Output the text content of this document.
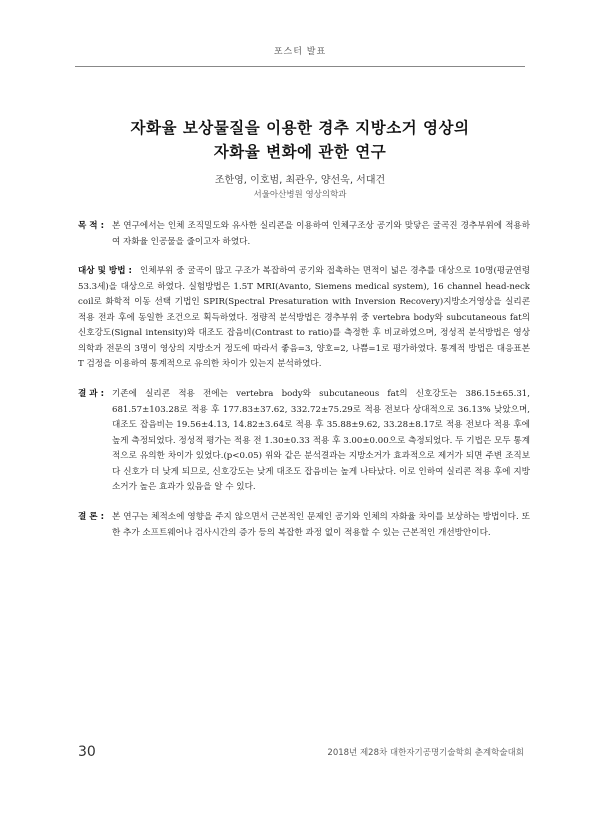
포스터 발표
자화율 보상물질을 이용한 경추 지방소거 영상의
자화율 변화에 관한 연구
조한영, 이호범, 최관우, 양선욱, 서대건
서울아산병원 영상의학과
목 적 : 본 연구에서는 인체 조직밀도와 유사한 실리콘을 이용하여 인체구조상 공기와 맞닿은 굴곡진 경추부위에 적용하여 자화율 인공물을 줄이고자 하였다.
대상 및 방법 : 인체부위 중 굴곡이 많고 구조가 복잡하여 공기와 접촉하는 면적이 넓은 경추를 대상으로 10명(평균연령 53.3세)을 대상으로 하였다. 실험방법은 1.5T MRI(Avanto, Siemens medical system), 16 channel head-neck coil로 화학적 이동 선택 기법인 SPIR(Spectral Presaturation with Inversion Recovery)지방소거영상을 실리콘 적용 전과 후에 동일한 조건으로 획득하였다. 정량적 분석방법은 경추부위 중 vertebra body와 subcutaneous fat의 신호강도(Signal intensity)와 대조도 잡음비(Contrast to ratio)를 측정한 후 비교하였으며, 정성적 분석방법은 영상의학과 전문의 3명이 영상의 지방소거 정도에 따라서 좋음=3, 양호=2, 나쁨=1로 평가하였다. 통계적 방법은 대응표본 T 검정을 이용하여 통계적으로 유의한 차이가 있는지 분석하였다.
결 과 : 기존에 실리콘 적용 전에는 vertebra body와 subcutaneous fat의 신호강도는 386.15±65.31, 681.57±103.28로 적용 후 177.83±37.62, 332.72±75.29로 적용 전보다 상대적으로 36.13% 낮았으며, 대조도 잡음비는 19.56±4.13, 14.82±3.64로 적용 후 35.88±9.62, 33.28±8.17로 적용 전보다 적용 후에 높게 측정되었다. 정성적 평가는 적용 전 1.30±0.33 적용 후 3.00±0.00으로 측정되었다. 두 기법은 모두 통계적으로 유의한 차이가 있었다.(p<0.05) 위와 같은 분석결과는 지방소거가 효과적으로 제거가 되면 주변 조직보다 신호가 더 낮게 되므로, 신호강도는 낮게 대조도 잡음비는 높게 나타났다. 이로 인하여 실리콘 적용 후에 지방소거가 높은 효과가 있음을 알 수 있다.
결 론 : 본 연구는 체적소에 영향을 주지 않으면서 근본적인 문제인 공기와 인체의 자화율 차이를 보상하는 방법이다. 또한 추가 소프트웨어나 검사시간의 증가 등의 복잡한 과정 없이 적용할 수 있는 근본적인 개선방안이다.
30	2018년 제28차 대한자기공명기술학회 춘계학술대회
